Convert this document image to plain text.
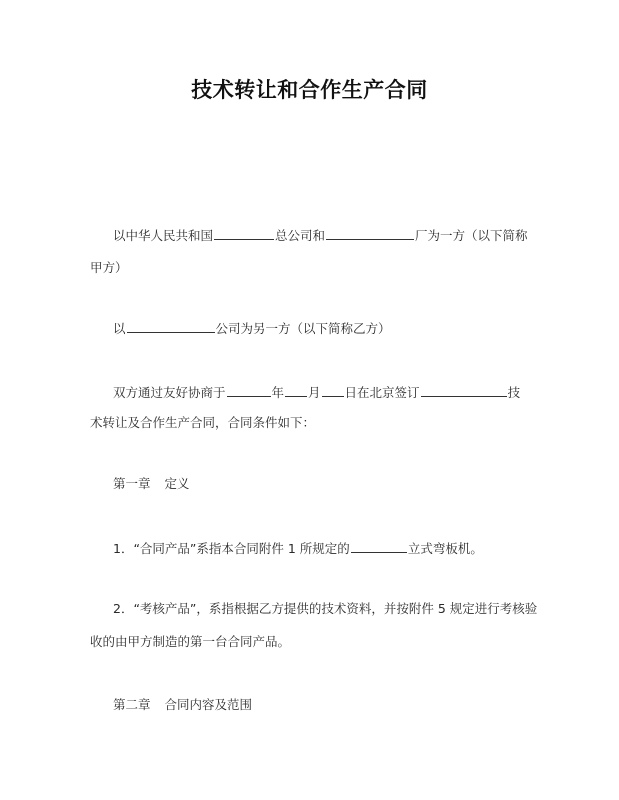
技术转让和合作生产合同
以中华人民共和国	总公司和	厂为一方（以下简称
甲方）
以	公司为另一方（以下简称乙方）
双方通过友好协商于	年 月 日在北京签订	技
术转让及合作生产合同，合同条件如下：
第一章 定义
1．“合同产品”系指本合同附件 1 所规定的	立式弯板机。
2．“考核产品”，系指根据乙方提供的技术资料，并按附件 5 规定进行考核验
收的由甲方制造的第一台合同产品。
第二章 合同内容及范围
